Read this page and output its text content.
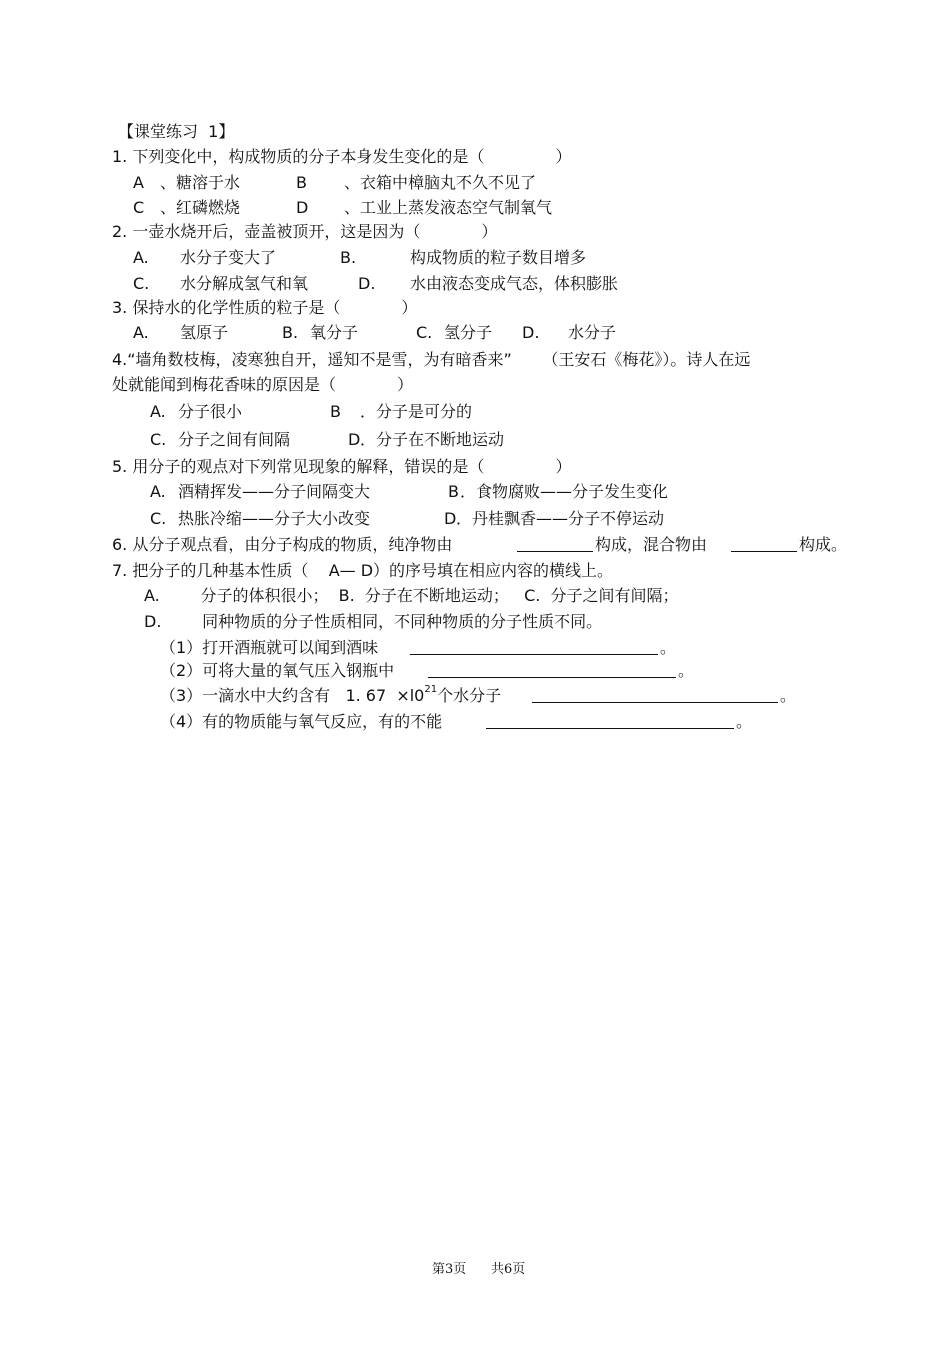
【课堂练习  1】
1. 下列变化中，构成物质的分子本身发生变化的是（              ）
A 、糖溶于水	B 、衣箱中樟脑丸不久不见了
C 、红磷燃烧	D 、工业上蒸发液态空气制氧气
2. 一壶水烧开后，壶盖被顶开，这是因为（            ）
A. 水分子变大了	B.	构成物质的粒子数目增多
C. 水分解成氢气和氧	D. 水由液态变成气态，体积膨胀
3. 保持水的化学性质的粒子是（            ）
A. 氢原子	B. 氧分子	C. 氢分子 D. 水分子
4.“墙角数枝梅，凌寒独自开，遥知不是雪，为有暗香来”      （王安石《梅花》）。诗人在远
处就能闻到梅花香味的原因是（            ）
A. 分子很小	B ．分子是可分的
C. 分子之间有间隔	D ．分子在不断地运动
5. 用分子的观点对下列常见现象的解释，错误的是（              ）
A. 酒精挥发——分子间隔变大	B ．食物腐败——分子发生变化
C. 热胀冷缩——分子大小改变	D ．丹桂飘香——分子不停运动
6. 从分子观点看，由分子构成的物质，纯净物由	构成，混合物由	构成。
7. 把分子的几种基本性质（    A— D）的序号填在相应内容的横线上。
A.        分子的体积很小；  B.  分子在不断地运动；   C.  分子之间有间隔；
D.        同种物质的分子性质相同，不同种物质的分子性质不同。
（1）打开酒瓶就可以闻到酒味	。
（2）可将大量的氧气压入钢瓶中	。
（3）一滴水中大约含有   1. $67 \times l0^{21}$个水分子	。
（4）有的物质能与氧气反应，有的不能	。
第3页 共6页
